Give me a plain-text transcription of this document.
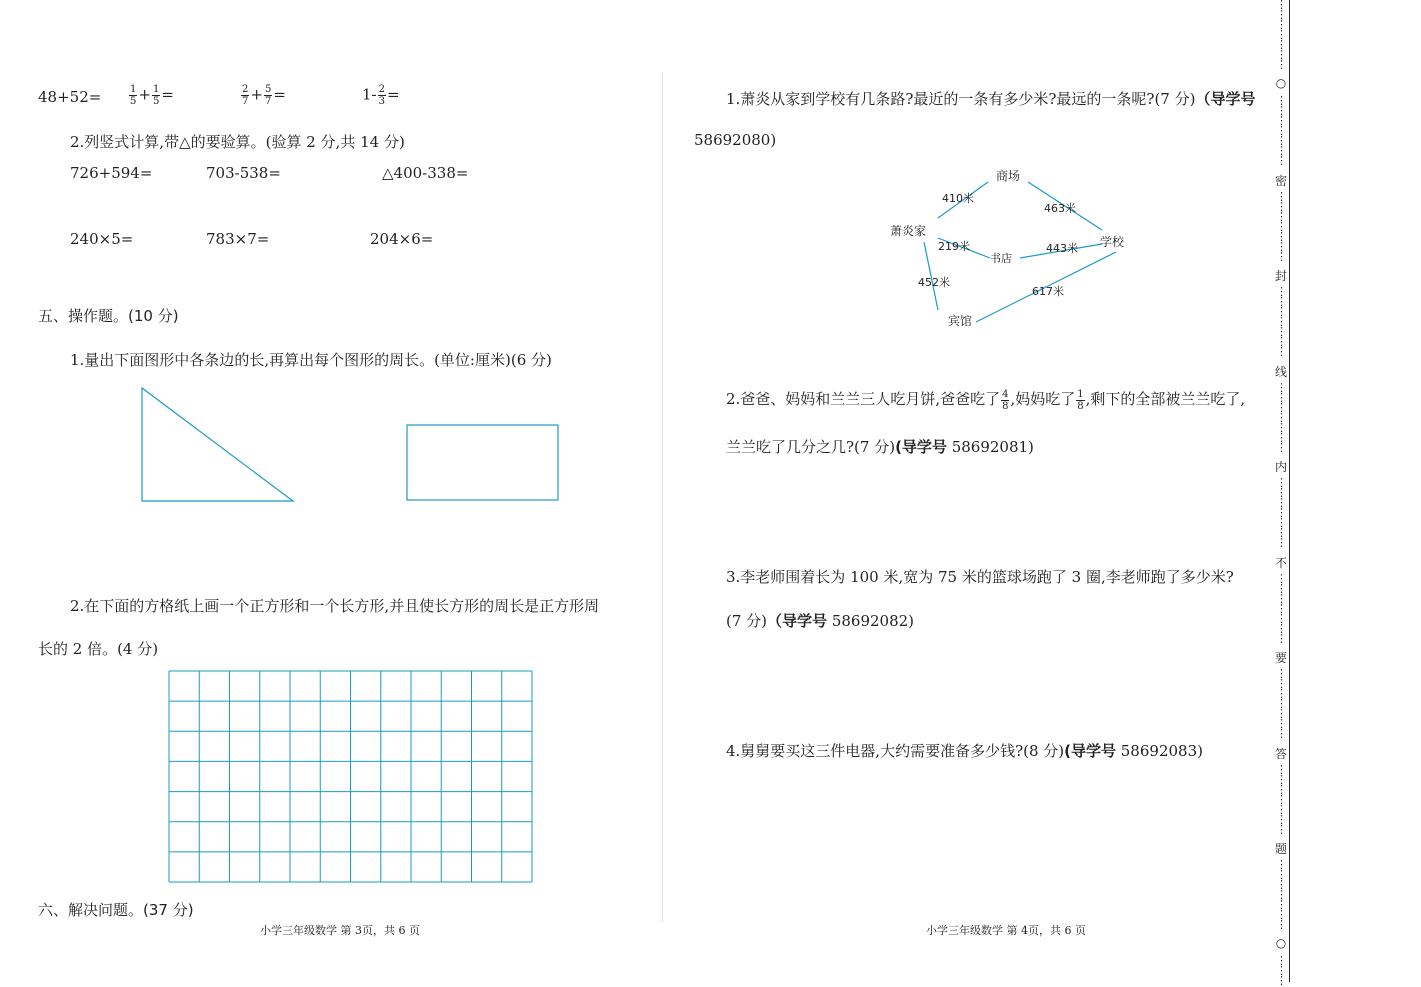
48+52=	$\frac{1}{5} + \frac{1}{5}$ =	$\frac{2}{7} + \frac{5}{7}$ =	$1- \frac{2}{3}$ =
2.列竖式计算,带△的要验算。(验算 2 分,共 14 分)
726+594=	703-538=	△400-338=
240×5=	783×7=	204×6=
五、操作题。(10 分)
1.量出下面图形中各条边的长,再算出每个图形的周长。(单位:厘米)(6 分)
2.在下面的方格纸上画一个正方形和一个长方形,并且使长方形的周长是正方形周
长的 2 倍。(4 分)
六、解决问题。(37 分)
小学三年级数学 第 3页，共 6 页
1.萧炎从家到学校有几条路?最近的一条有多少米?最远的一条呢?(7 分)（导学号
58692080)
萧炎家
商场
学校
书店
宾馆
410米
463米
219米	443米
452米
617米
2.爸爸、妈妈和兰兰三人吃月饼,爸爸吃了 $\frac{4}{8}$ ,妈妈吃了 $\frac{1}{8}$ ,剩下的全部被兰兰吃了,
兰兰吃了几分之几?(7 分)(导学号 58692081)
3.李老师围着长为 100 米,宽为 75 米的篮球场跑了 3 圈,李老师跑了多少米?
(7 分)（导学号 58692082)
4.舅舅要买这三件电器,大约需要准备多少钱?(8 分)(导学号 58692083)
小学三年级数学 第 4页，共 6 页
⋮
⋮
⋮
⋮
⋮
⋮
⋮
○
⋮
⋮
⋮
⋮
⋮
⋮
⋮
密
⋮
⋮
⋮
⋮
⋮
⋮
⋮
封
⋮
⋮
⋮
⋮
⋮
⋮
⋮
线
⋮
⋮
⋮
⋮
⋮
⋮
⋮
内
⋮
⋮
⋮
⋮
⋮
⋮
⋮
不
⋮
⋮
⋮
⋮
⋮
⋮
⋮
要
⋮
⋮
⋮
⋮
⋮
⋮
⋮
答
⋮
⋮
⋮
⋮
⋮
⋮
⋮
题
⋮
⋮
⋮
⋮
⋮
⋮
⋮
○
⋮
⋮
⋮
